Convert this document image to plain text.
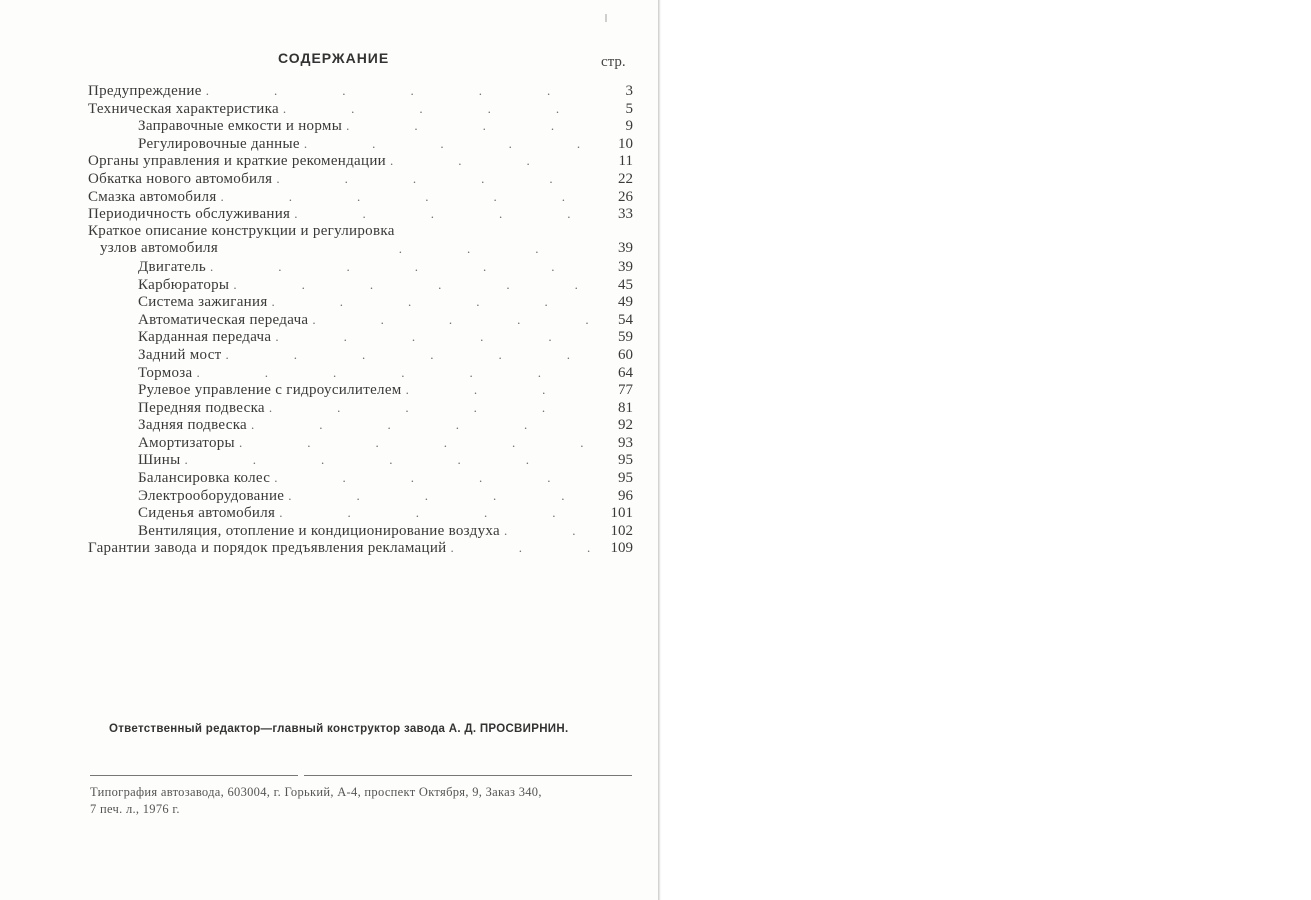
СОДЕРЖАНИЕ	стр.
Предупреждение .	3
Техническая характеристика .	5
Заправочные емкости и нормы .	9
Регулировочные данные .	10
Органы управления и краткие рекомендации .	11
Обкатка нового автомобиля .	22
Смазка автомобиля .	26
Периодичность обслуживания .	33
Краткое описание конструкции и регулировка
узлов автомобиля .	39
Двигатель .	39
Карбюраторы .	45
Система зажигания .	49
Автоматическая передача .	54
Карданная передача .	59
Задний мост .	60
Тормоза .	64
Рулевое управление с гидроусилителем .	77
Передняя подвеска .	81
Задняя подвеска .	92
Амортизаторы .	93
Шины .	95
Балансировка колес .	95
Электрооборудование .	96
Сиденья автомобиля .	101
Вентиляция, отопление и кондиционирование воздуха .	102
Гарантии завода и порядок предъявления рекламаций .	109
Ответственный редактор—главный конструктор завода А. Д. ПРОСВИРНИН.
Типография автозавода, 603004, г. Горький, А-4, проспект Октября, 9, Заказ 340,
7 печ. л., 1976 г.
